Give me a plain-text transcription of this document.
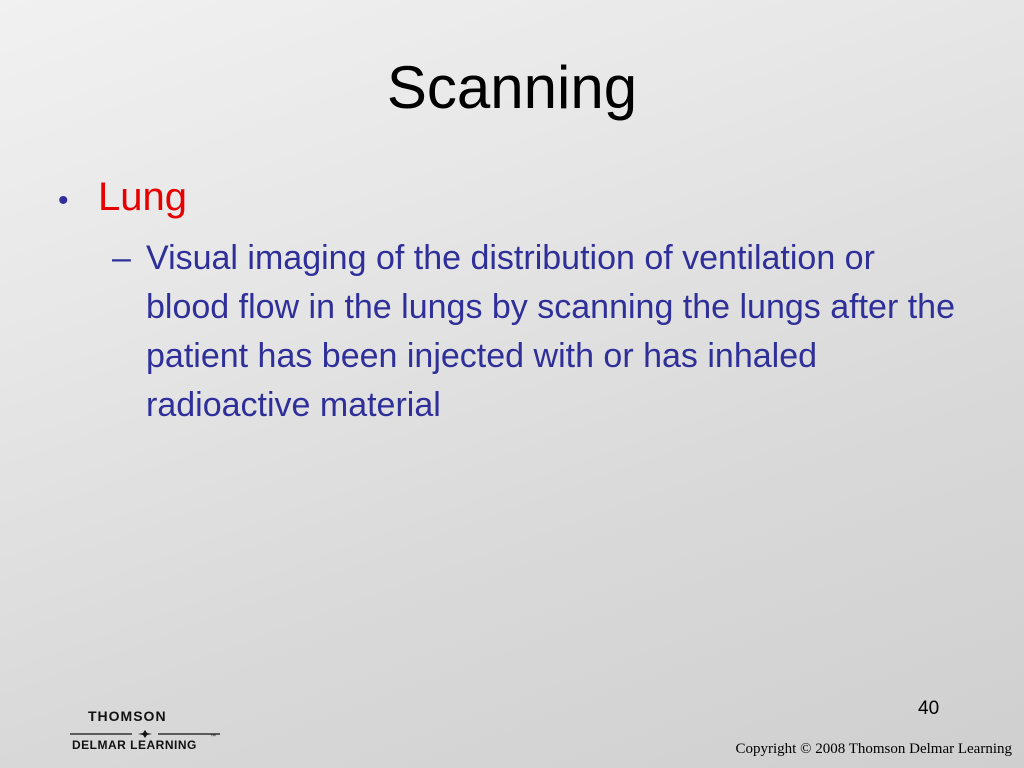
Scanning
• Lung
– Visual imaging of the distribution of ventilation or blood flow in the lungs by scanning the lungs after the patient has been injected with or has inhaled radioactive material
40
THOMSON
DELMAR LEARNING
™
Copyright © 2008 Thomson Delmar Learning
